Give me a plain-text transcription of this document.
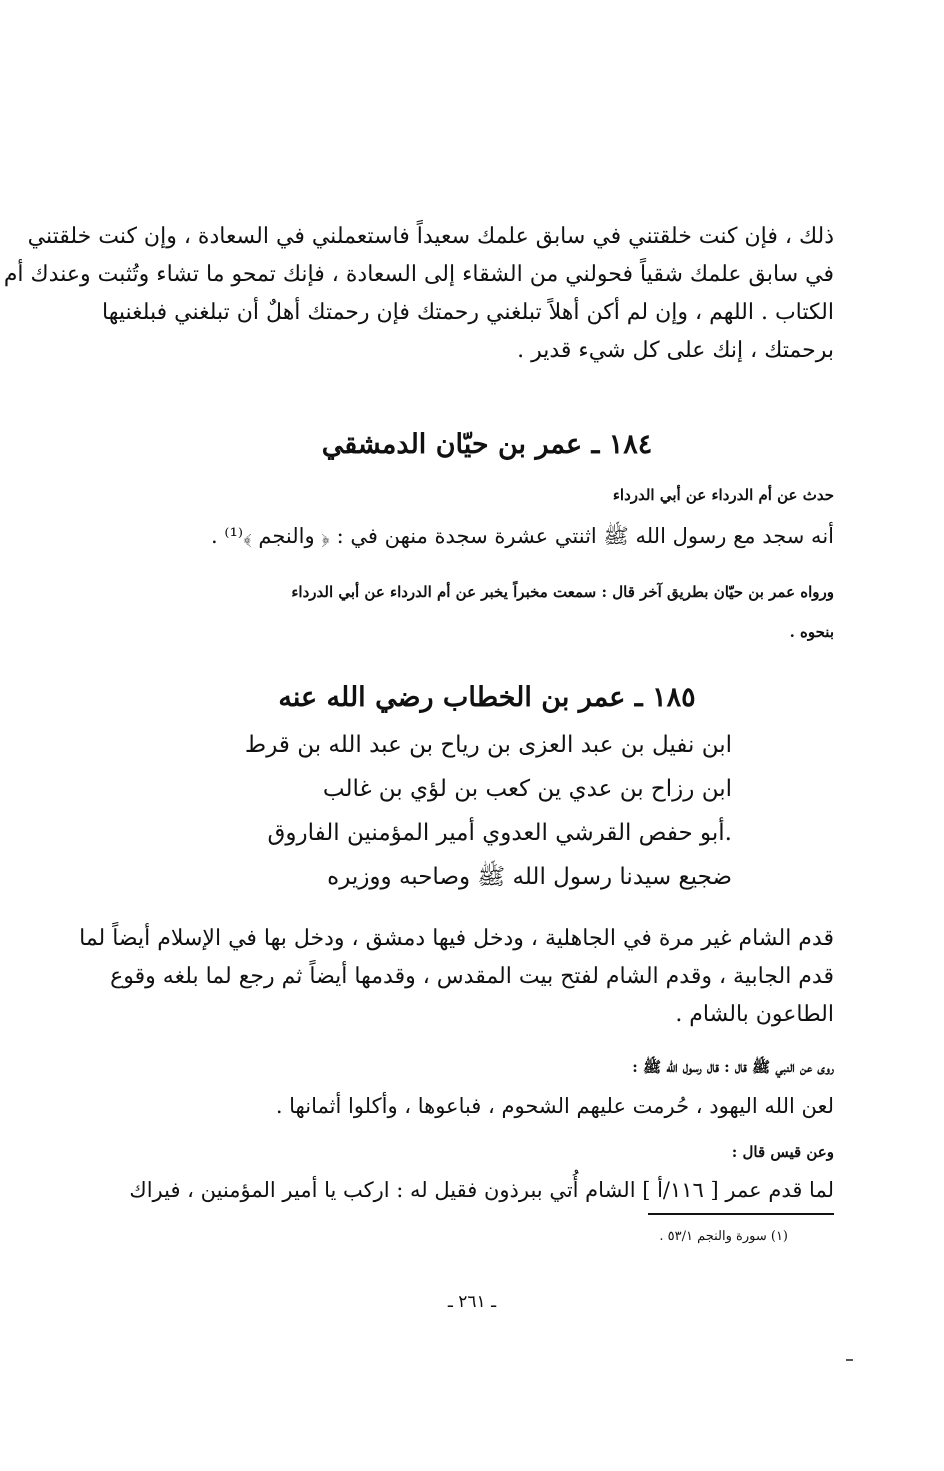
ذلك ، فإن كنت خلقتني في سابق علمك سعيداً فاستعملني في السعادة ، وإن كنت خلقتني
في سابق علمك شقياً فحولني من الشقاء إلى السعادة ، فإنك تمحو ما تشاء وتُثبت وعندك أم
الكتاب . اللهم ، وإن لم أكن أهلاً تبلغني رحمتك فإن رحمتك أهلٌ أن تبلغني فبلغنيها
برحمتك ، إنك على كل شيء قدير .
١٨٤ ـ عمر بن حيّان الدمشقي
حدث عن أم الدرداء عن أبي الدرداء
أنه سجد مع رسول الله ﷺ اثنتي عشرة سجدة منهن في : ﴿ والنجم ﴾⁽¹⁾ .
ورواه عمر بن حيّان بطريق آخر قال : سمعت مخبراً يخبر عن أم الدرداء عن أبي الدرداء
بنحوه .
١٨٥ ـ عمر بن الخطاب رضي الله عنه
ابن نفيل بن عبد العزى بن رياح بن عبد الله بن قرط
ابن رزاح بن عدي ين كعب بن لؤي بن غالب
.أبو حفص القرشي العدوي أمير المؤمنين الفاروق
ضجيع سيدنا رسول الله ﷺ وصاحبه ووزيره
قدم الشام غير مرة في الجاهلية ، ودخل فيها دمشق ، ودخل بها في الإسلام أيضاً لما
قدم الجابية ، وقدم الشام لفتح بيت المقدس ، وقدمها أيضاً ثم رجع لما بلغه وقوع
الطاعون بالشام .
روى عن النبي ﷺ قال : قال رسول الله ﷺ :
لعن الله اليهود ، حُرمت عليهم الشحوم ، فباعوها ، وأكلوا أثمانها .
وعن قيس قال :
لما قدم عمر [ ١١٦/أ ] الشام أُتي ببرذون فقيل له : اركب يا أمير المؤمنين ، فيراك
(١) سورة والنجم ٥٣/١ .
ـ ٢٦١ ـ
